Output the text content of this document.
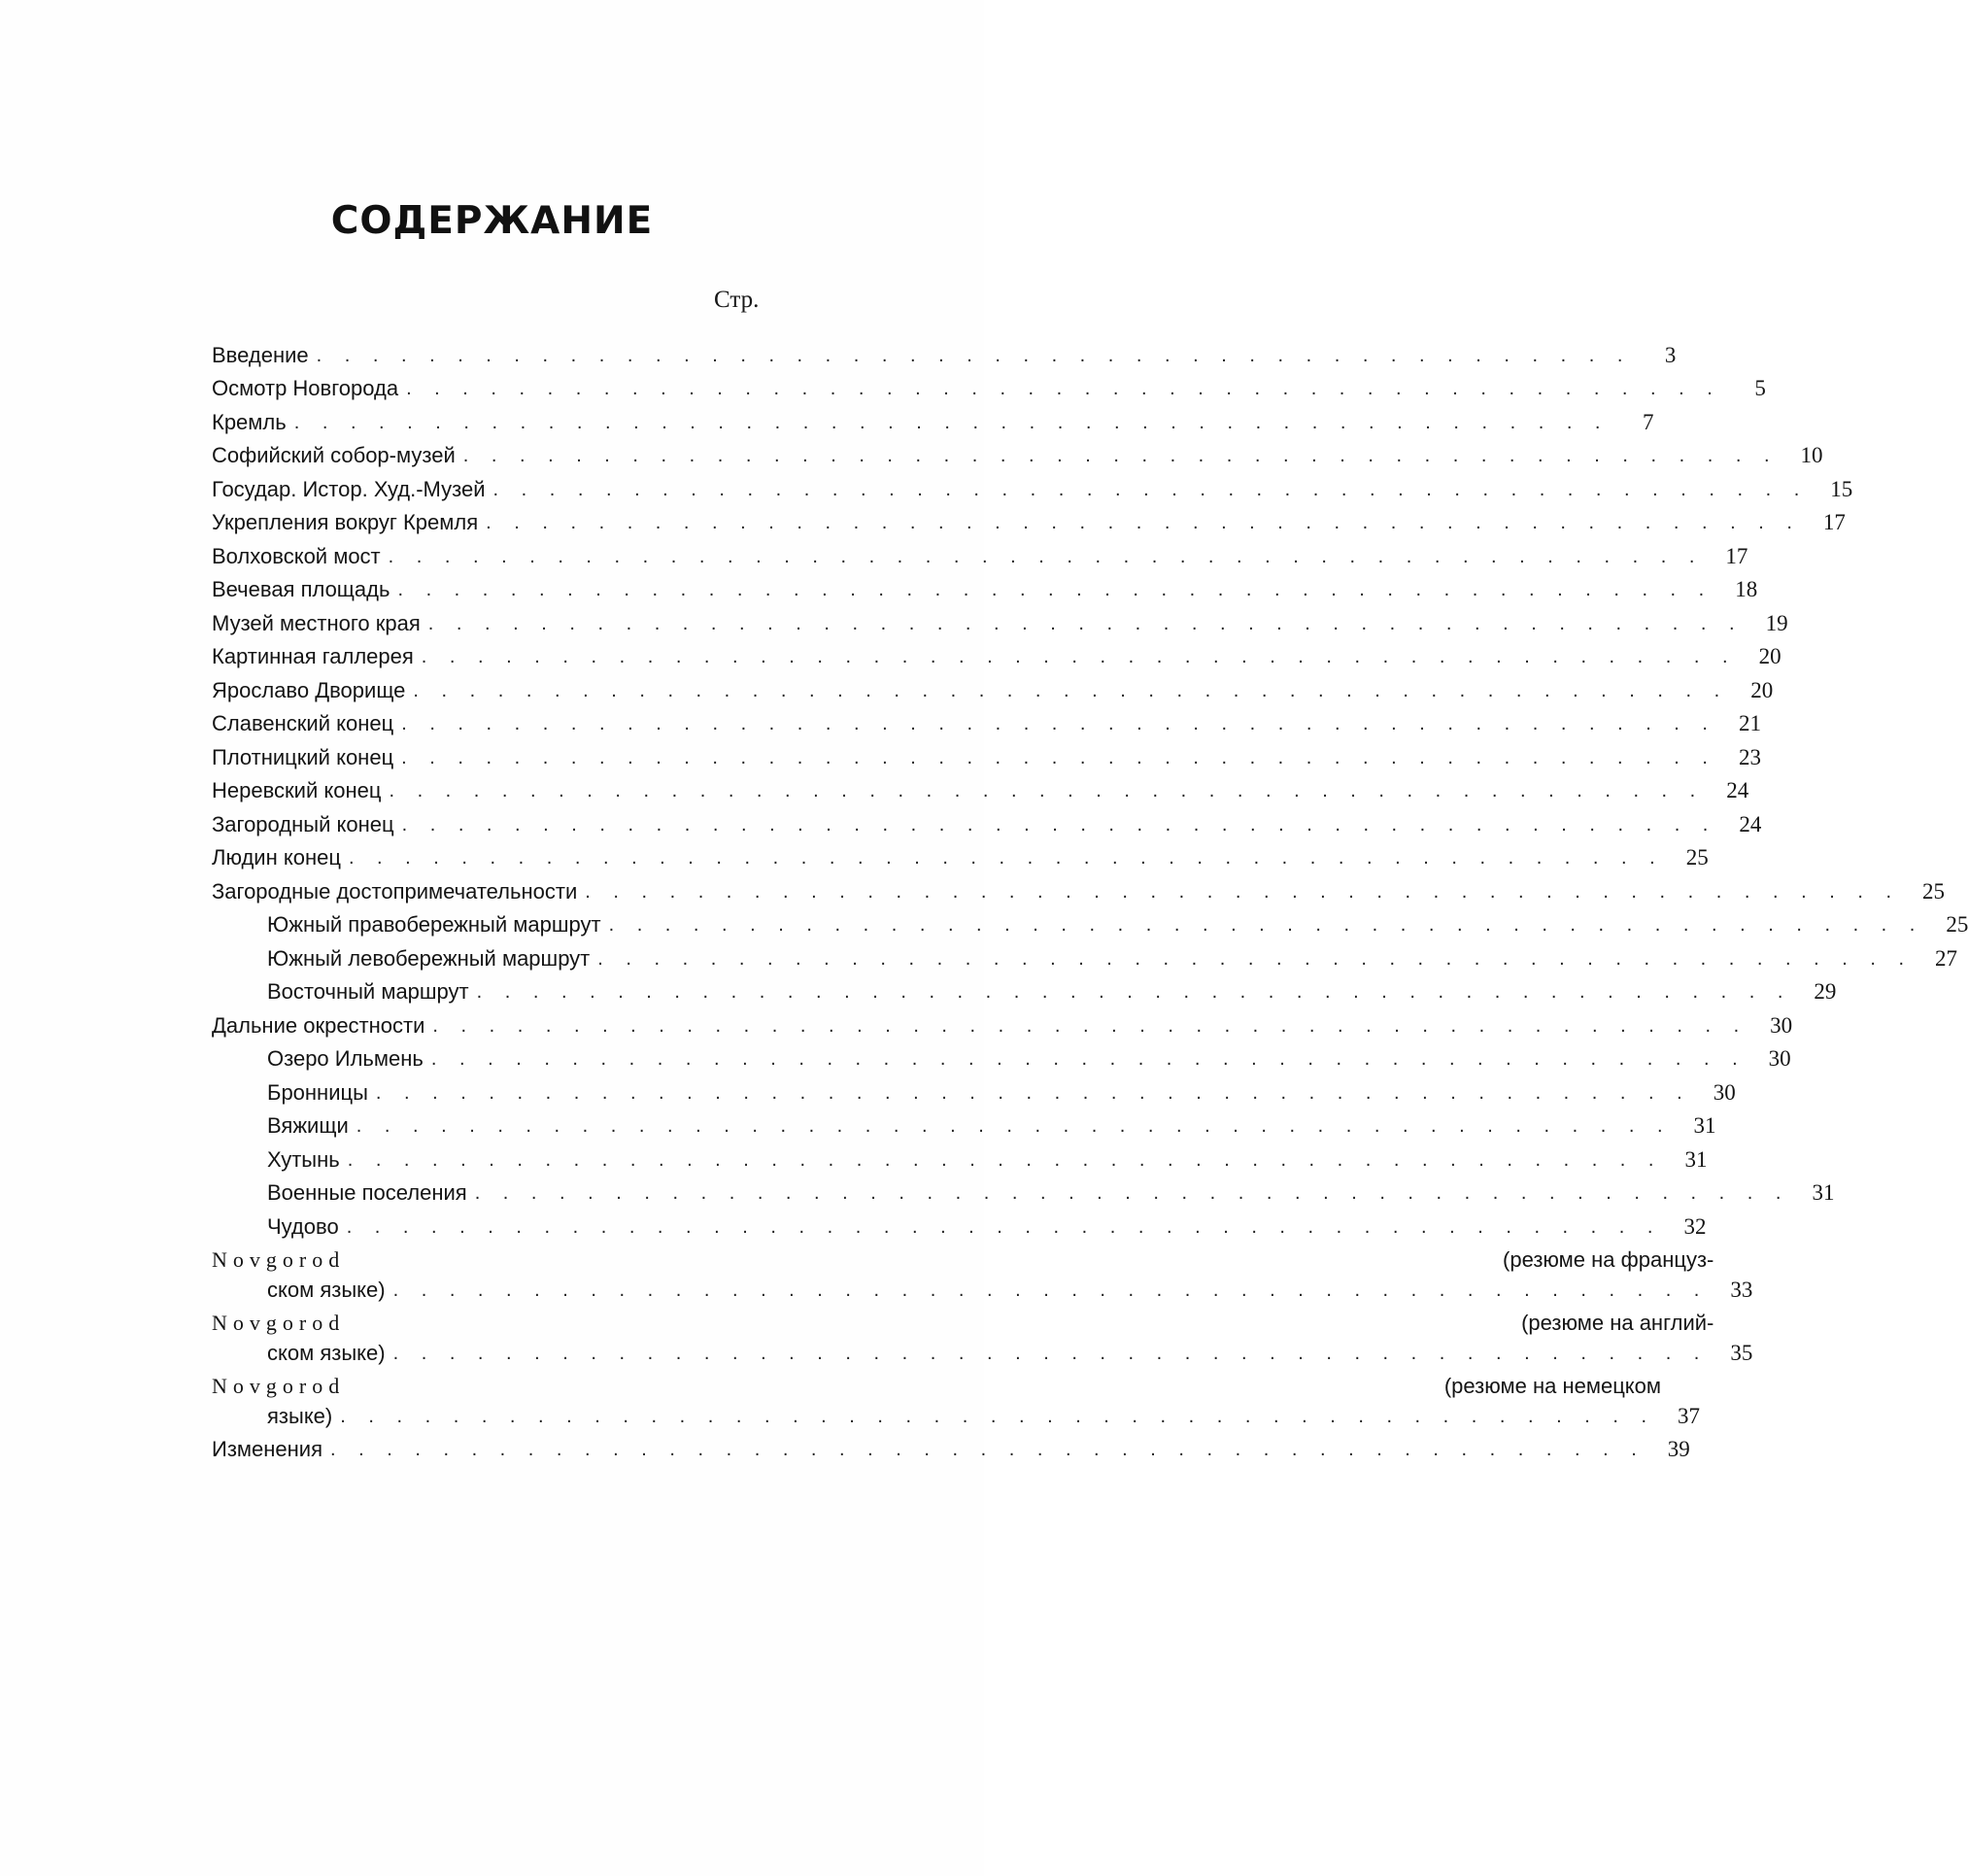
СОДЕРЖАНИЕ
Стр.
Введение . . .	3
Осмотр Новгорода . . .	5
Кремль . . .	7
Софийский собор-музей . . .	10
Государ. Истор. Худ.-Музей . . .	15
Укрепления вокруг Кремля . . .	17
Волховской мост . . .	17
Вечевая площадь . . .	18
Музей местного края . . .	19
Картинная галлерея . . .	20
Ярославо Дворище . . .	20
Славенский конец . . .	21
Плотницкий конец . . .	23
Неревский конец . . .	24
Загородный конец . . .	24
Людин конец . . .	25
Загородные достопримечательности . . .	25
Южный правобережный маршрут . . .	25
Южный левобережный маршрут . . .	27
Восточный маршрут . . .	29
Дальние окрестности . . .	30
Озеро Ильмень . . .	30
Бронницы . . .	30
Вяжищи . . .	31
Хутынь . . .	31
Военные поселения . . .	31
Чудово . . .	32
Novgorod	(резюме на француз-
ском языке) . . .	33
Novgorod	(резюме на англий-
ском языке) . . .	35
Novgorod	(резюме на немецком
языке) . . .	37
Изменения . . .	39
